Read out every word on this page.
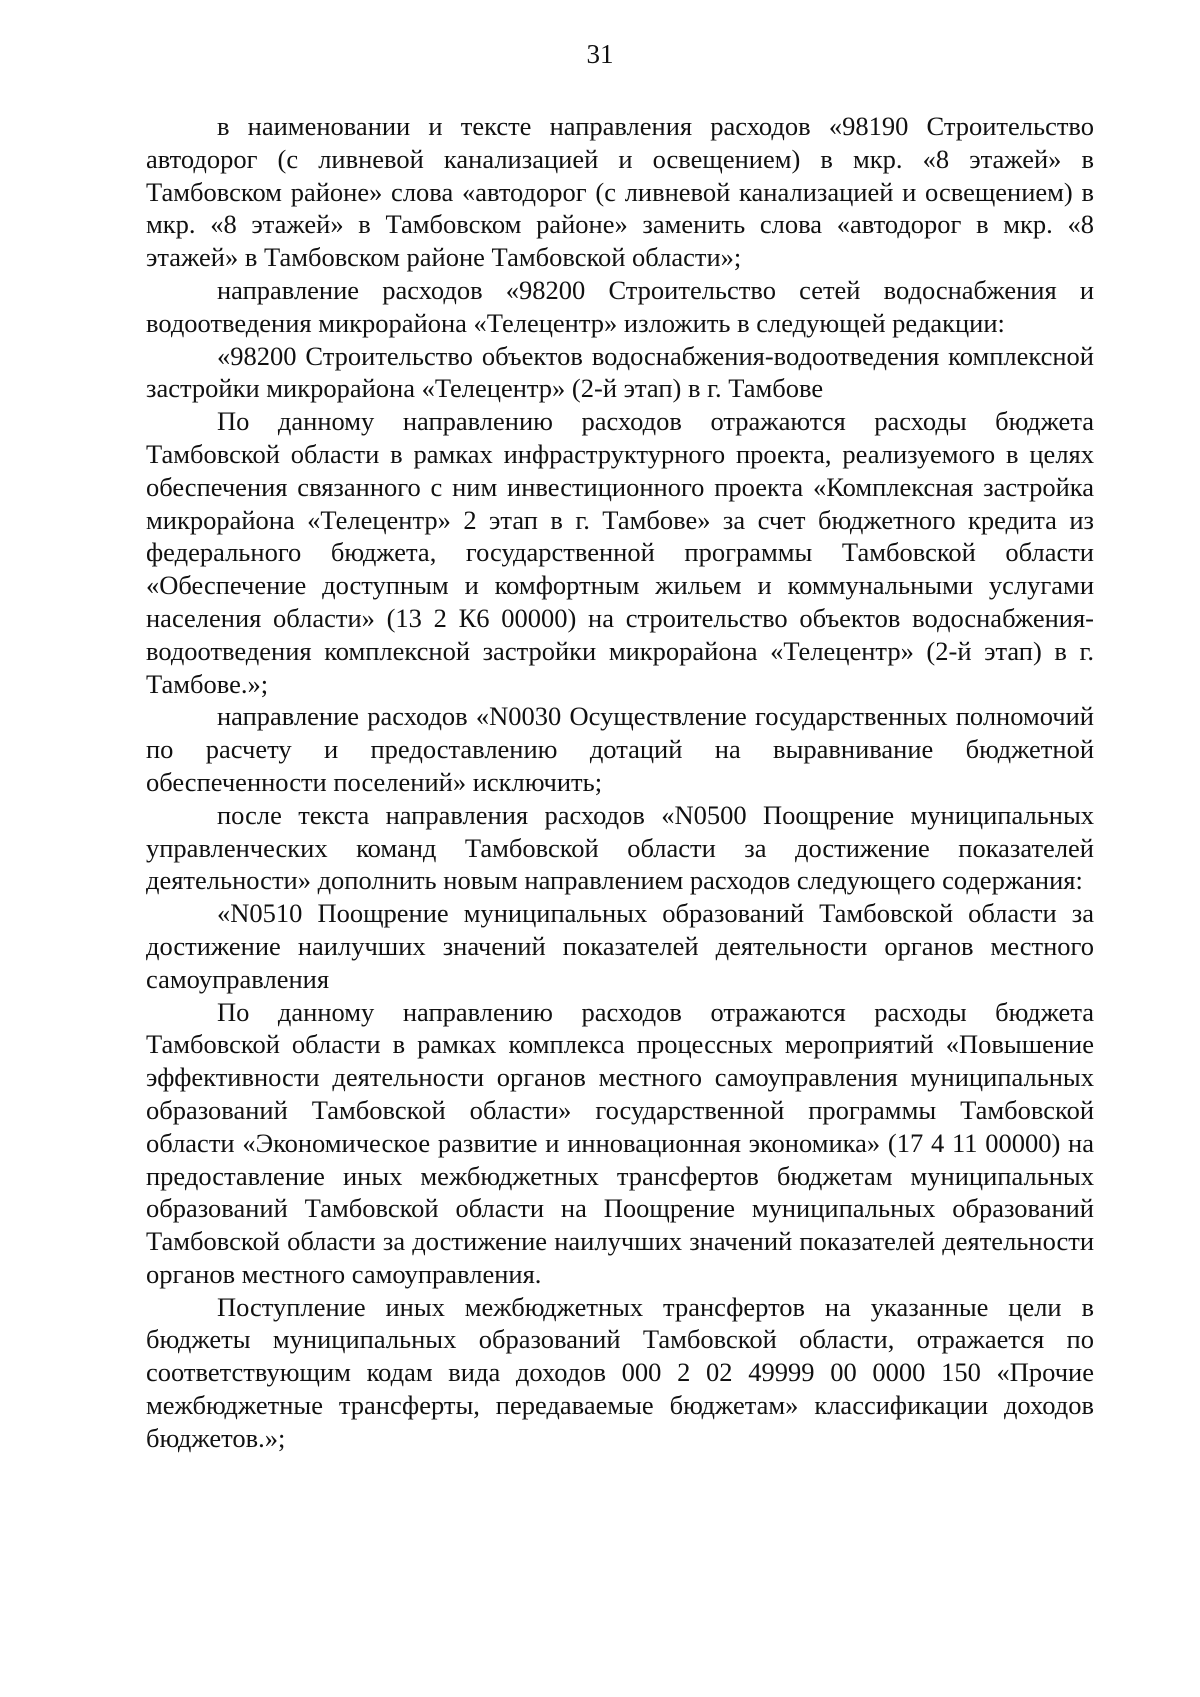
31

в наименовании и тексте направления расходов «98190 Строительство автодорог (с ливневой канализацией и освещением) в мкр. «8 этажей» в Тамбовском районе» слова «автодорог (с ливневой канализацией и освещением) в мкр. «8 этажей» в Тамбовском районе» заменить слова «автодорог в мкр. «8 этажей» в Тамбовском районе Тамбовской области»;

направление расходов «98200 Строительство сетей водоснабжения и водоотведения микрорайона «Телецентр» изложить в следующей редакции:

«98200 Строительство объектов водоснабжения-водоотведения комплексной застройки микрорайона «Телецентр» (2-й этап) в г. Тамбове

По данному направлению расходов отражаются расходы бюджета Тамбовской области в рамках инфраструктурного проекта, реализуемого в целях обеспечения связанного с ним инвестиционного проекта «Комплексная застройка микрорайона «Телецентр» 2 этап в г. Тамбове» за счет бюджетного кредита из федерального бюджета, государственной программы Тамбовской области «Обеспечение доступным и комфортным жильем и коммунальными услугами населения области» (13 2 К6 00000) на строительство объектов водоснабжения-водоотведения комплексной застройки микрорайона «Телецентр» (2-й этап) в г. Тамбове.»;

направление расходов «N0030 Осуществление государственных полномочий по расчету и предоставлению дотаций на выравнивание бюджетной обеспеченности поселений» исключить;

после текста направления расходов «N0500 Поощрение муниципальных управленческих команд Тамбовской области за достижение показателей деятельности» дополнить новым направлением расходов следующего содержания:

«N0510 Поощрение муниципальных образований Тамбовской области за достижение наилучших значений показателей деятельности органов местного самоуправления

По данному направлению расходов отражаются расходы бюджета Тамбовской области в рамках комплекса процессных мероприятий «Повышение эффективности деятельности органов местного самоуправления муниципальных образований Тамбовской области» государственной программы Тамбовской области «Экономическое развитие и инновационная экономика» (17 4 11 00000) на предоставление иных межбюджетных трансфертов бюджетам муниципальных образований Тамбовской области на Поощрение муниципальных образований Тамбовской области за достижение наилучших значений показателей деятельности органов местного самоуправления.

Поступление иных межбюджетных трансфертов на указанные цели в бюджеты муниципальных образований Тамбовской области, отражается по соответствующим кодам вида доходов 000 2 02 49999 00 0000 150 «Прочие межбюджетные трансферты, передаваемые бюджетам» классификации доходов бюджетов.»;
